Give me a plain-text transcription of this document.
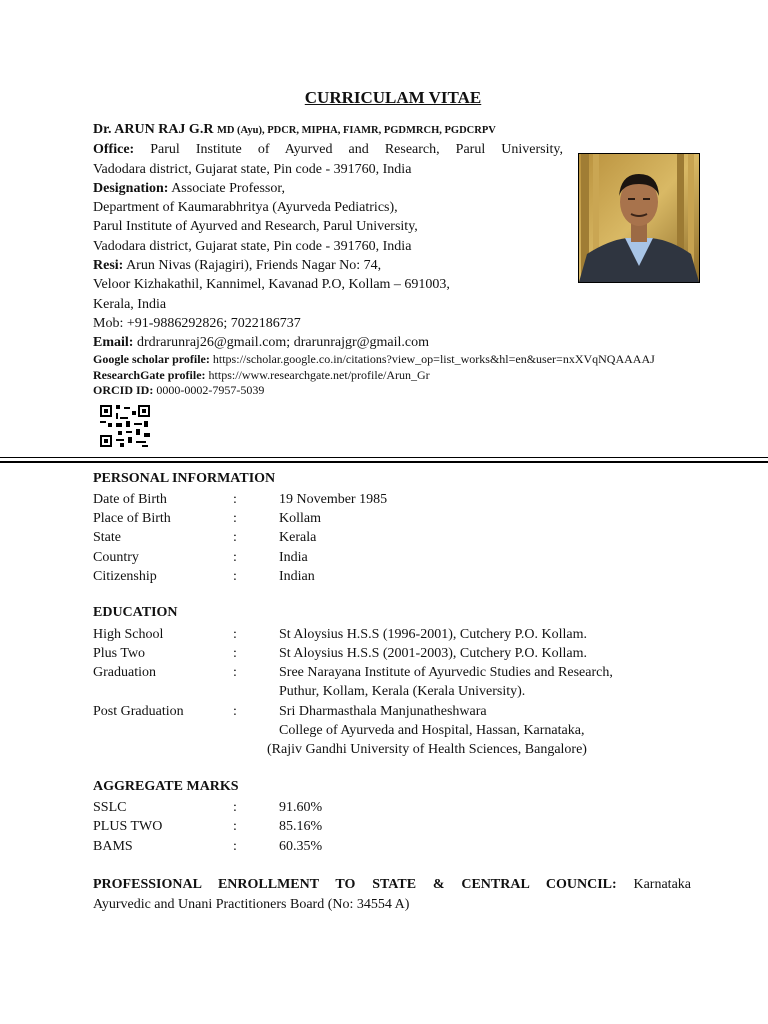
CURRICULAM VITAE
Dr. ARUN RAJ G.R MD (Ayu), PDCR, MIPHA, FIAMR, PGDMRCH, PGDCRPV
Office: Parul Institute of Ayurved and Research, Parul University,
Vadodara district, Gujarat state, Pin code - 391760, India
Designation: Associate Professor,
Department of Kaumarabhritya (Ayurveda Pediatrics),
Parul Institute of Ayurved and Research, Parul University,
Vadodara district, Gujarat state, Pin code - 391760, India
Resi: Arun Nivas (Rajagiri), Friends Nagar No: 74,
Veloor Kizhakathil, Kannimel, Kavanad P.O, Kollam – 691003,
Kerala, India
Mob: +91-9886292826; 7022186737
Email: drdrarunraj26@gmail.com; drarunrajgr@gmail.com
Google scholar profile: https://scholar.google.co.in/citations?view_op=list_works&hl=en&user=nxXVqNQAAAAJ
ResearchGate profile: https://www.researchgate.net/profile/Arun_Gr
ORCID ID: 0000-0002-7957-5039
PERSONAL INFORMATION
Date of Birth	:	19 November 1985
Place of Birth	:	Kollam
State	:	Kerala
Country	:	India
Citizenship	:	Indian
EDUCATION
High School	:	St Aloysius H.S.S (1996-2001), Cutchery P.O. Kollam.
Plus Two	:	St Aloysius H.S.S (2001-2003), Cutchery P.O. Kollam.
Graduation	:	Sree Narayana Institute of Ayurvedic Studies and Research,
Puthur, Kollam, Kerala (Kerala University).
Post Graduation	:	Sri Dharmasthala Manjunatheshwara
College of Ayurveda and Hospital, Hassan, Karnataka,
(Rajiv Gandhi University of Health Sciences, Bangalore)
AGGREGATE MARKS
SSLC	:	91.60%
PLUS TWO	:	85.16%
BAMS	:	60.35%
PROFESSIONAL ENROLLMENT TO STATE & CENTRAL COUNCIL: Karnataka
Ayurvedic and Unani Practitioners Board (No: 34554 A)
